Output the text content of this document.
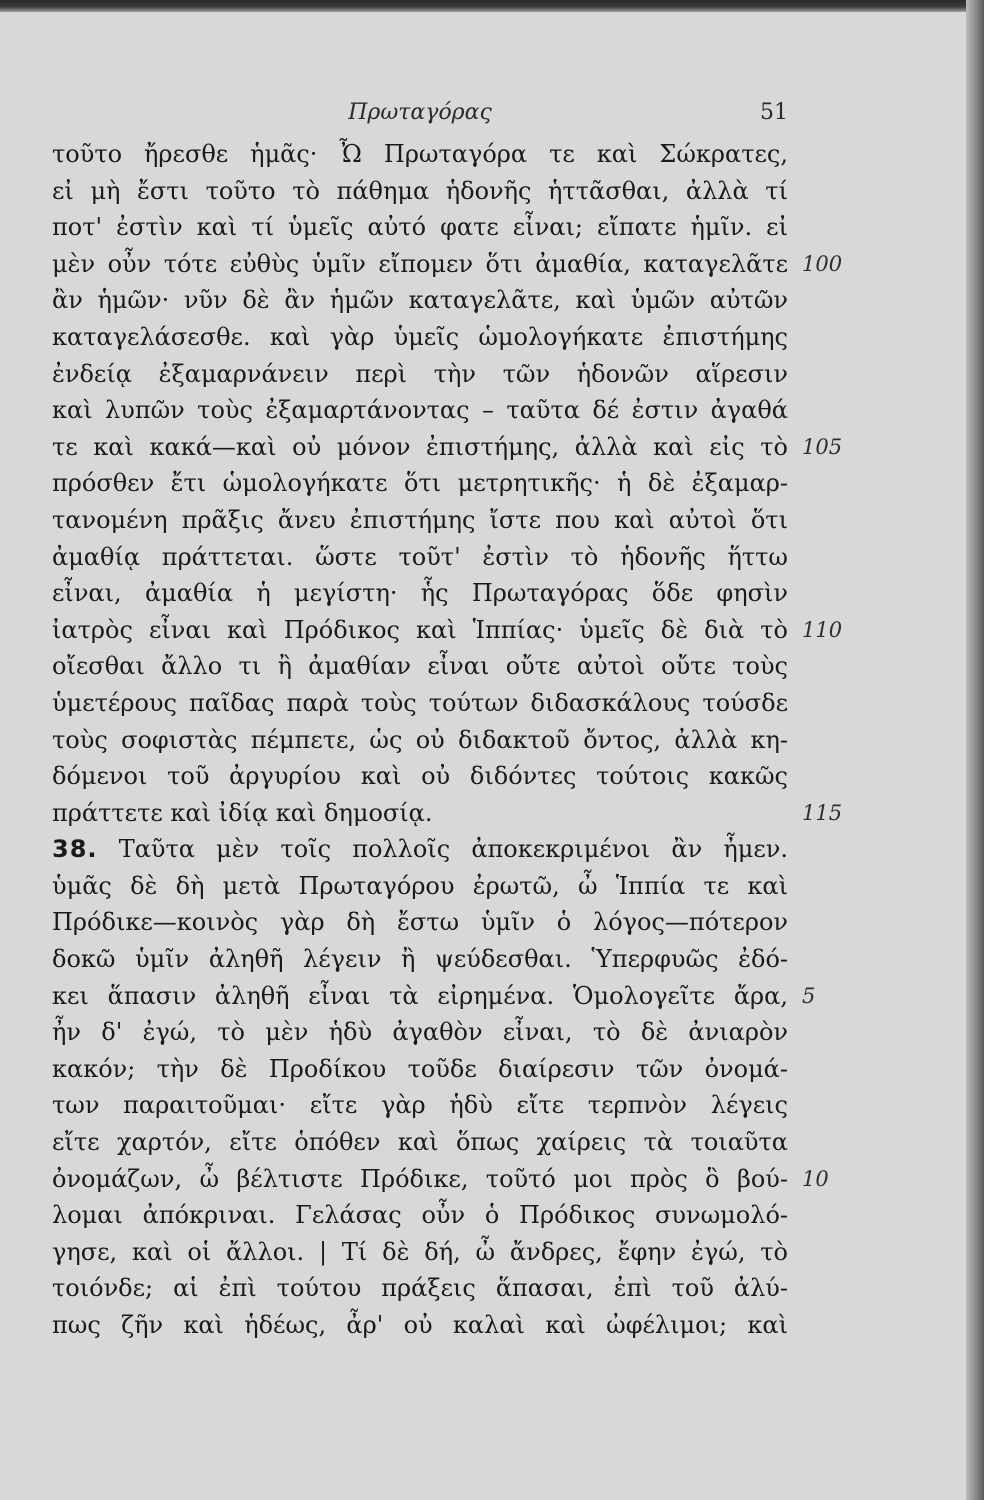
Πρωταγόρας	51
τοῦτο ἤρεσθε ἡμᾶς· Ὦ Πρωταγόρα τε καὶ Σώκρατες,
εἰ μὴ ἔστι τοῦτο τὸ πάθημα ἡδονῆς ἡττᾶσθαι, ἀλλὰ τί
ποτ' ἐστὶν καὶ τί ὑμεῖς αὐτό φατε εἶναι; εἴπατε ἡμῖν. εἰ
μὲν οὖν τότε εὐθὺς ὑμῖν εἴπομεν ὅτι ἀμαθία, καταγελᾶτε 100
ἂν ἡμῶν· νῦν δὲ ἂν ἡμῶν καταγελᾶτε, καὶ ὑμῶν αὐτῶν
καταγελάσεσθε. καὶ γὰρ ὑμεῖς ὡμολογήκατε ἐπιστήμης
ἐνδείᾳ ἐξαμαρνάνειν περὶ τὴν τῶν ἡδονῶν αἵρεσιν
καὶ λυπῶν τοὺς ἐξαμαρτάνοντας – ταῦτα δέ ἐστιν ἀγαθά
τε καὶ κακά—καὶ οὐ μόνον ἐπιστήμης, ἀλλὰ καὶ εἰς τὸ 105
πρόσθεν ἔτι ὡμολογήκατε ὅτι μετρητικῆς· ἡ δὲ ἐξαμαρ-
τανομένη πρᾶξις ἄνευ ἐπιστήμης ἴστε που καὶ αὐτοὶ ὅτι
ἀμαθίᾳ πράττεται. ὥστε τοῦτ' ἐστὶν τὸ ἡδονῆς ἥττω
εἶναι, ἀμαθία ἡ μεγίστη· ἧς Πρωταγόρας ὅδε φησὶν
ἰατρὸς εἶναι καὶ Πρόδικος καὶ Ἱππίας· ὑμεῖς δὲ διὰ τὸ 110
οἴεσθαι ἄλλο τι ἢ ἀμαθίαν εἶναι οὔτε αὐτοὶ οὔτε τοὺς
ὑμετέρους παῖδας παρὰ τοὺς τούτων διδασκάλους τούσδε
τοὺς σοφιστὰς πέμπετε, ὡς οὐ διδακτοῦ ὄντος, ἀλλὰ κη-
δόμενοι τοῦ ἀργυρίου καὶ οὐ διδόντες τούτοις κακῶς
πράττετε καὶ ἰδίᾳ καὶ δημοσίᾳ.	115
38. Ταῦτα μὲν τοῖς πολλοῖς ἀποκεκριμένοι ἂν ἦμεν.
ὑμᾶς δὲ δὴ μετὰ Πρωταγόρου ἐρωτῶ, ὦ Ἱππία τε καὶ
Πρόδικε—κοινὸς γὰρ δὴ ἔστω ὑμῖν ὁ λόγος—πότερον
δοκῶ ὑμῖν ἀληθῆ λέγειν ἢ ψεύδεσθαι. Ὑπερφυῶς ἐδό-
κει ἅπασιν ἀληθῆ εἶναι τὰ εἰρημένα. Ὁμολογεῖτε ἄρα, 5
ἦν δ' ἐγώ, τὸ μὲν ἡδὺ ἀγαθὸν εἶναι, τὸ δὲ ἀνιαρὸν
κακόν; τὴν δὲ Προδίκου τοῦδε διαίρεσιν τῶν ὀνομά-
των παραιτοῦμαι· εἴτε γὰρ ἡδὺ εἴτε τερπνὸν λέγεις
εἴτε χαρτόν, εἴτε ὁπόθεν καὶ ὅπως χαίρεις τὰ τοιαῦτα
ὀνομάζων, ὦ βέλτιστε Πρόδικε, τοῦτό μοι πρὸς ὃ βού- 10
λομαι ἀπόκριναι. Γελάσας οὖν ὁ Πρόδικος συνωμολό-
γησε, καὶ οἱ ἄλλοι. | Τί δὲ δή, ὦ ἄνδρες, ἔφην ἐγώ, τὸ
τοιόνδε; αἱ ἐπὶ τούτου πράξεις ἅπασαι, ἐπὶ τοῦ ἀλύ-
πως ζῆν καὶ ἡδέως, ἆρ' οὐ καλαὶ καὶ ὠφέλιμοι; καὶ
